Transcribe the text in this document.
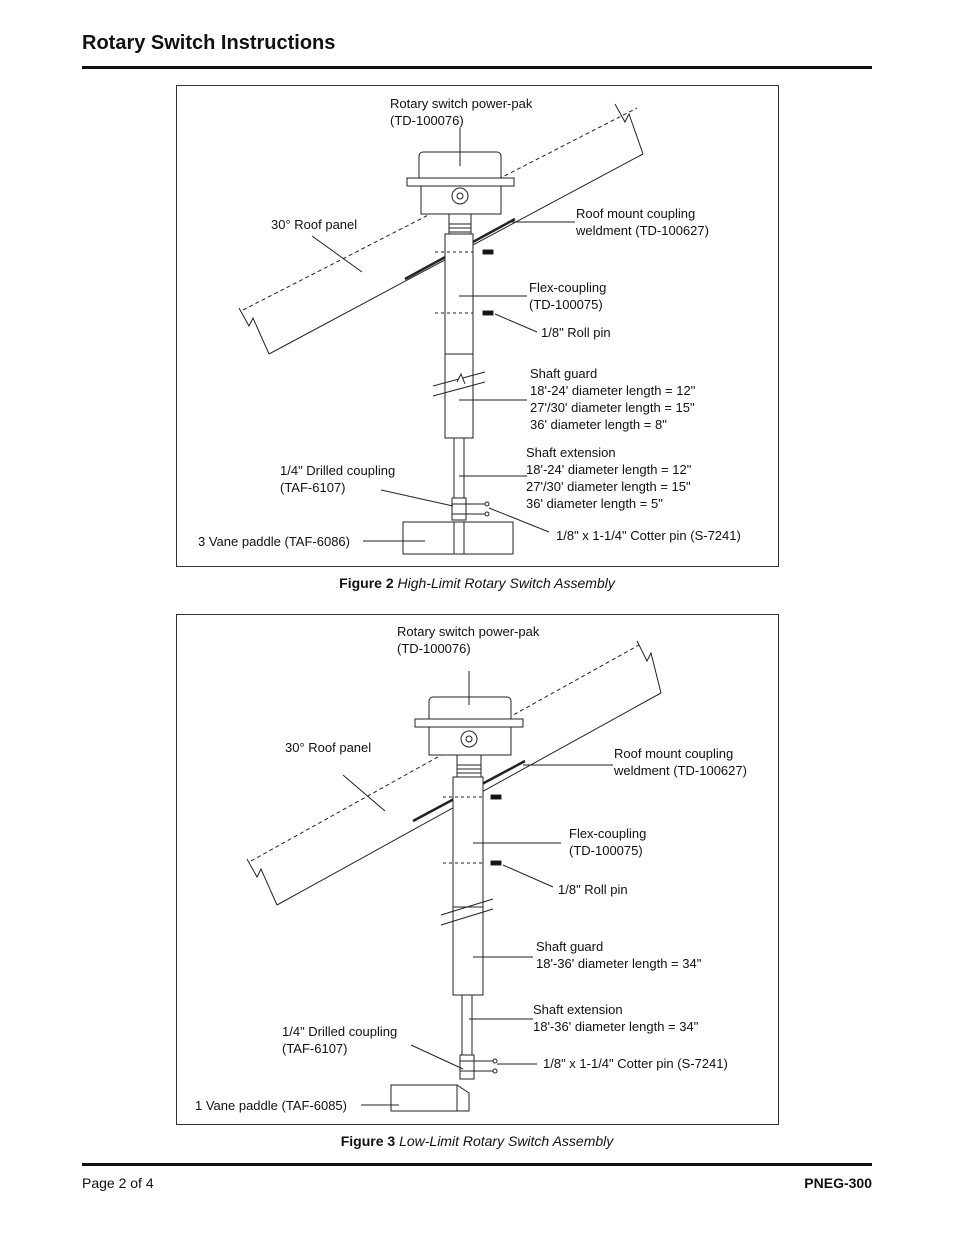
Rotary Switch Instructions
Rotary switch power-pak
(TD-100076)
30° Roof panel
Roof mount coupling
weldment (TD-100627)
Flex-coupling
(TD-100075)
1/8" Roll pin
Shaft guard
18'-24' diameter length = 12"
27'/30' diameter length = 15"
36' diameter length = 8"
Shaft extension
18'-24' diameter length = 12"
27'/30' diameter length = 15"
36' diameter length = 5"
1/4" Drilled coupling
(TAF-6107)
1/8" x 1-1/4" Cotter pin (S-7241)
3 Vane paddle (TAF-6086)
Figure 2 High-Limit Rotary Switch Assembly
Rotary switch power-pak
(TD-100076)
30° Roof panel	Roof mount coupling
weldment (TD-100627)
Flex-coupling
(TD-100075)
1/8" Roll pin
Shaft guard
18'-36' diameter length = 34"
Shaft extension
18'-36' diameter length = 34"
1/4" Drilled coupling
(TAF-6107)
1/8" x 1-1/4" Cotter pin (S-7241)
1 Vane paddle (TAF-6085)
Figure 3 Low-Limit Rotary Switch Assembly
Page 2 of 4	PNEG-300
